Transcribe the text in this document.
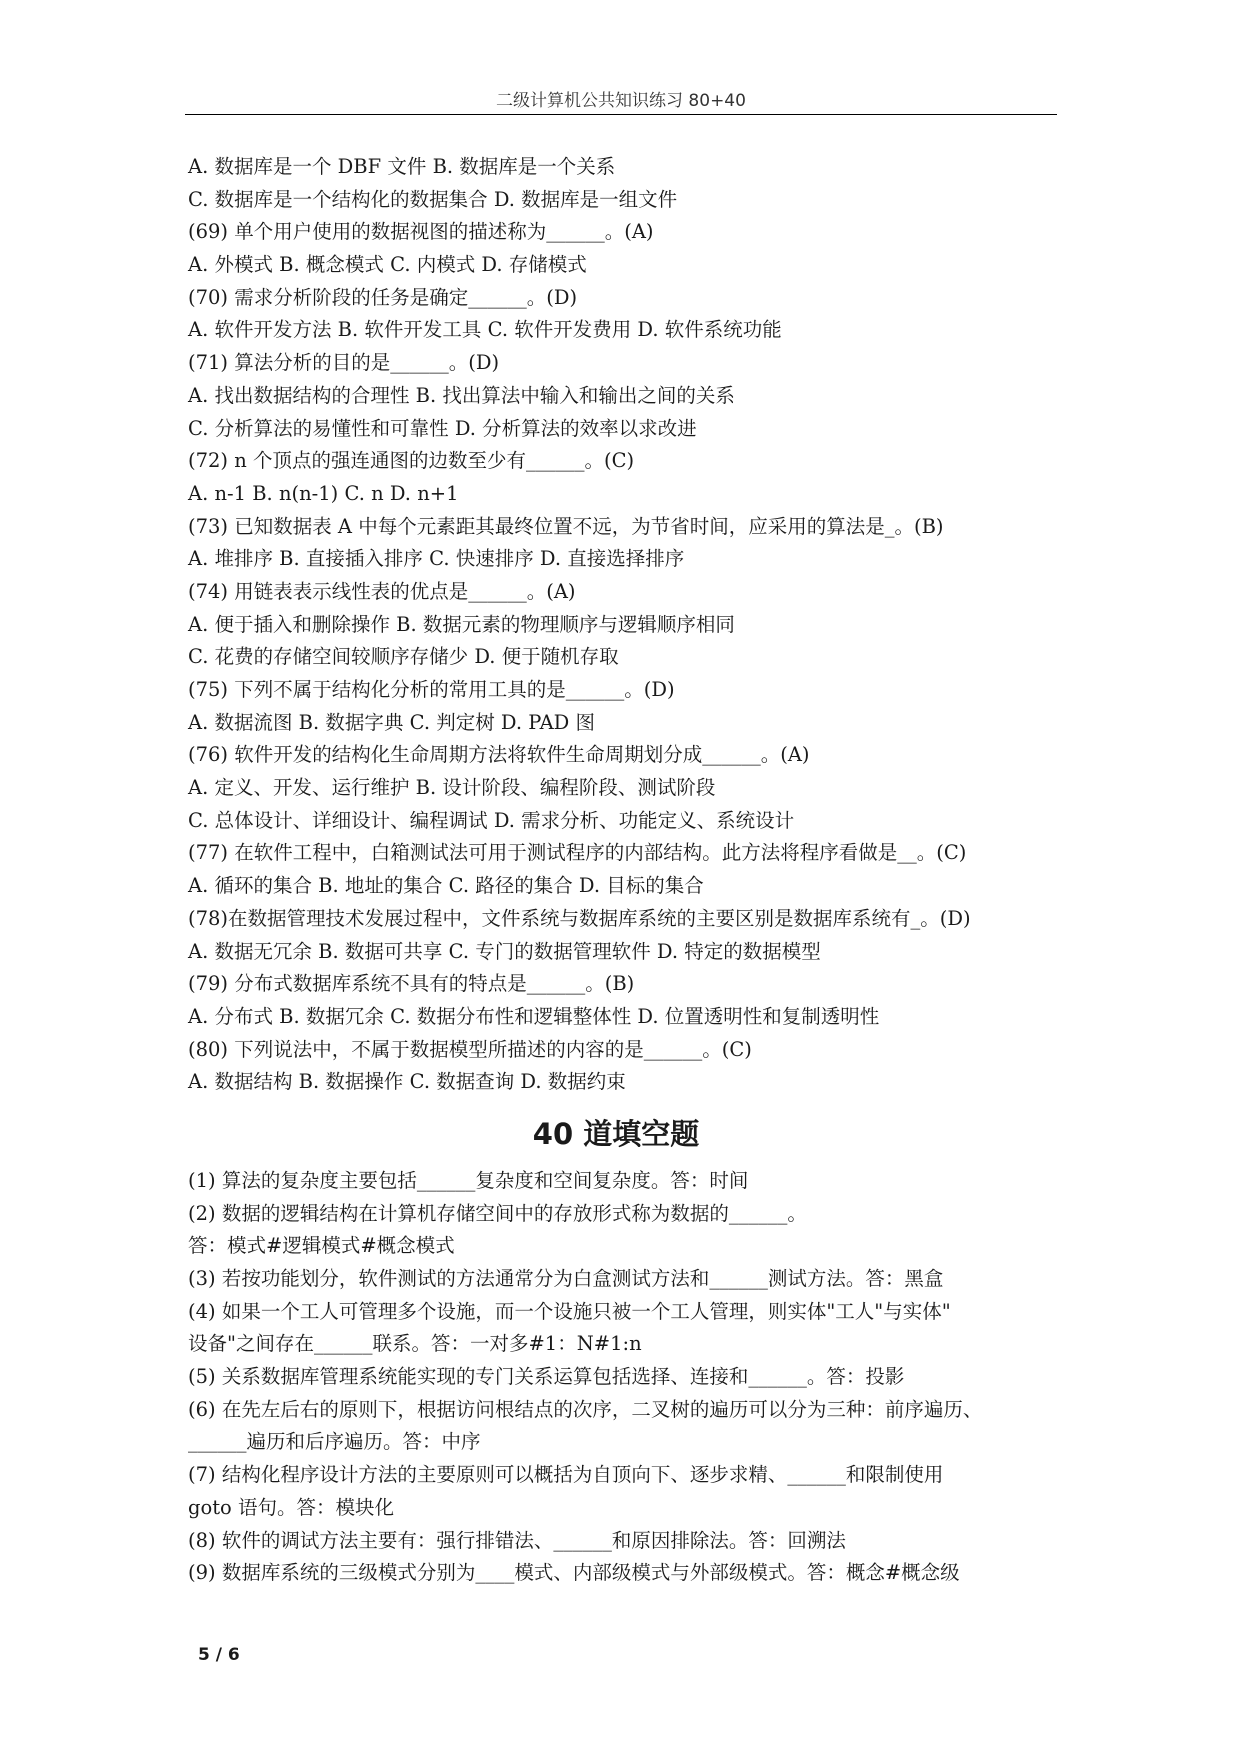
二级计算机公共知识练习 80+40
A. 数据库是一个 DBF 文件 B. 数据库是一个关系
C. 数据库是一个结构化的数据集合 D. 数据库是一组文件
(69) 单个用户使用的数据视图的描述称为______。(A)
A. 外模式 B. 概念模式 C. 内模式 D. 存储模式
(70) 需求分析阶段的任务是确定______。(D)
A. 软件开发方法 B. 软件开发工具 C. 软件开发费用 D. 软件系统功能
(71) 算法分析的目的是______。(D)
A. 找出数据结构的合理性 B. 找出算法中输入和输出之间的关系
C. 分析算法的易懂性和可靠性 D. 分析算法的效率以求改进
(72) n 个顶点的强连通图的边数至少有______。(C)
A. n-1 B. n(n-1) C. n D. n+1
(73) 已知数据表 A 中每个元素距其最终位置不远，为节省时间，应采用的算法是_。(B)
A. 堆排序 B. 直接插入排序 C. 快速排序 D. 直接选择排序
(74) 用链表表示线性表的优点是______。(A)
A. 便于插入和删除操作 B. 数据元素的物理顺序与逻辑顺序相同
C. 花费的存储空间较顺序存储少 D. 便于随机存取
(75) 下列不属于结构化分析的常用工具的是______。(D)
A. 数据流图 B. 数据字典 C. 判定树 D. PAD 图
(76) 软件开发的结构化生命周期方法将软件生命周期划分成______。(A)
A. 定义、开发、运行维护 B. 设计阶段、编程阶段、测试阶段
C. 总体设计、详细设计、编程调试 D. 需求分析、功能定义、系统设计
(77) 在软件工程中，白箱测试法可用于测试程序的内部结构。此方法将程序看做是__。(C)
A. 循环的集合 B. 地址的集合 C. 路径的集合 D. 目标的集合
(78)在数据管理技术发展过程中，文件系统与数据库系统的主要区别是数据库系统有_。(D)
A. 数据无冗余 B. 数据可共享 C. 专门的数据管理软件 D. 特定的数据模型
(79) 分布式数据库系统不具有的特点是______。(B)
A. 分布式 B. 数据冗余 C. 数据分布性和逻辑整体性 D. 位置透明性和复制透明性
(80) 下列说法中，不属于数据模型所描述的内容的是______。(C)
A. 数据结构 B. 数据操作 C. 数据查询 D. 数据约束
40 道填空题
(1) 算法的复杂度主要包括______复杂度和空间复杂度。答：时间
(2) 数据的逻辑结构在计算机存储空间中的存放形式称为数据的______。
答：模式#逻辑模式#概念模式
(3) 若按功能划分，软件测试的方法通常分为白盒测试方法和______测试方法。答：黑盒
(4) 如果一个工人可管理多个设施，而一个设施只被一个工人管理，则实体"工人"与实体"
设备"之间存在______联系。答：一对多#1：N#1:n
(5) 关系数据库管理系统能实现的专门关系运算包括选择、连接和______。答：投影
(6) 在先左后右的原则下，根据访问根结点的次序，二叉树的遍历可以分为三种：前序遍历、
______遍历和后序遍历。答：中序
(7) 结构化程序设计方法的主要原则可以概括为自顶向下、逐步求精、______和限制使用
goto 语句。答：模块化
(8) 软件的调试方法主要有：强行排错法、______和原因排除法。答：回溯法
(9) 数据库系统的三级模式分别为____模式、内部级模式与外部级模式。答：概念#概念级
5 / 6
